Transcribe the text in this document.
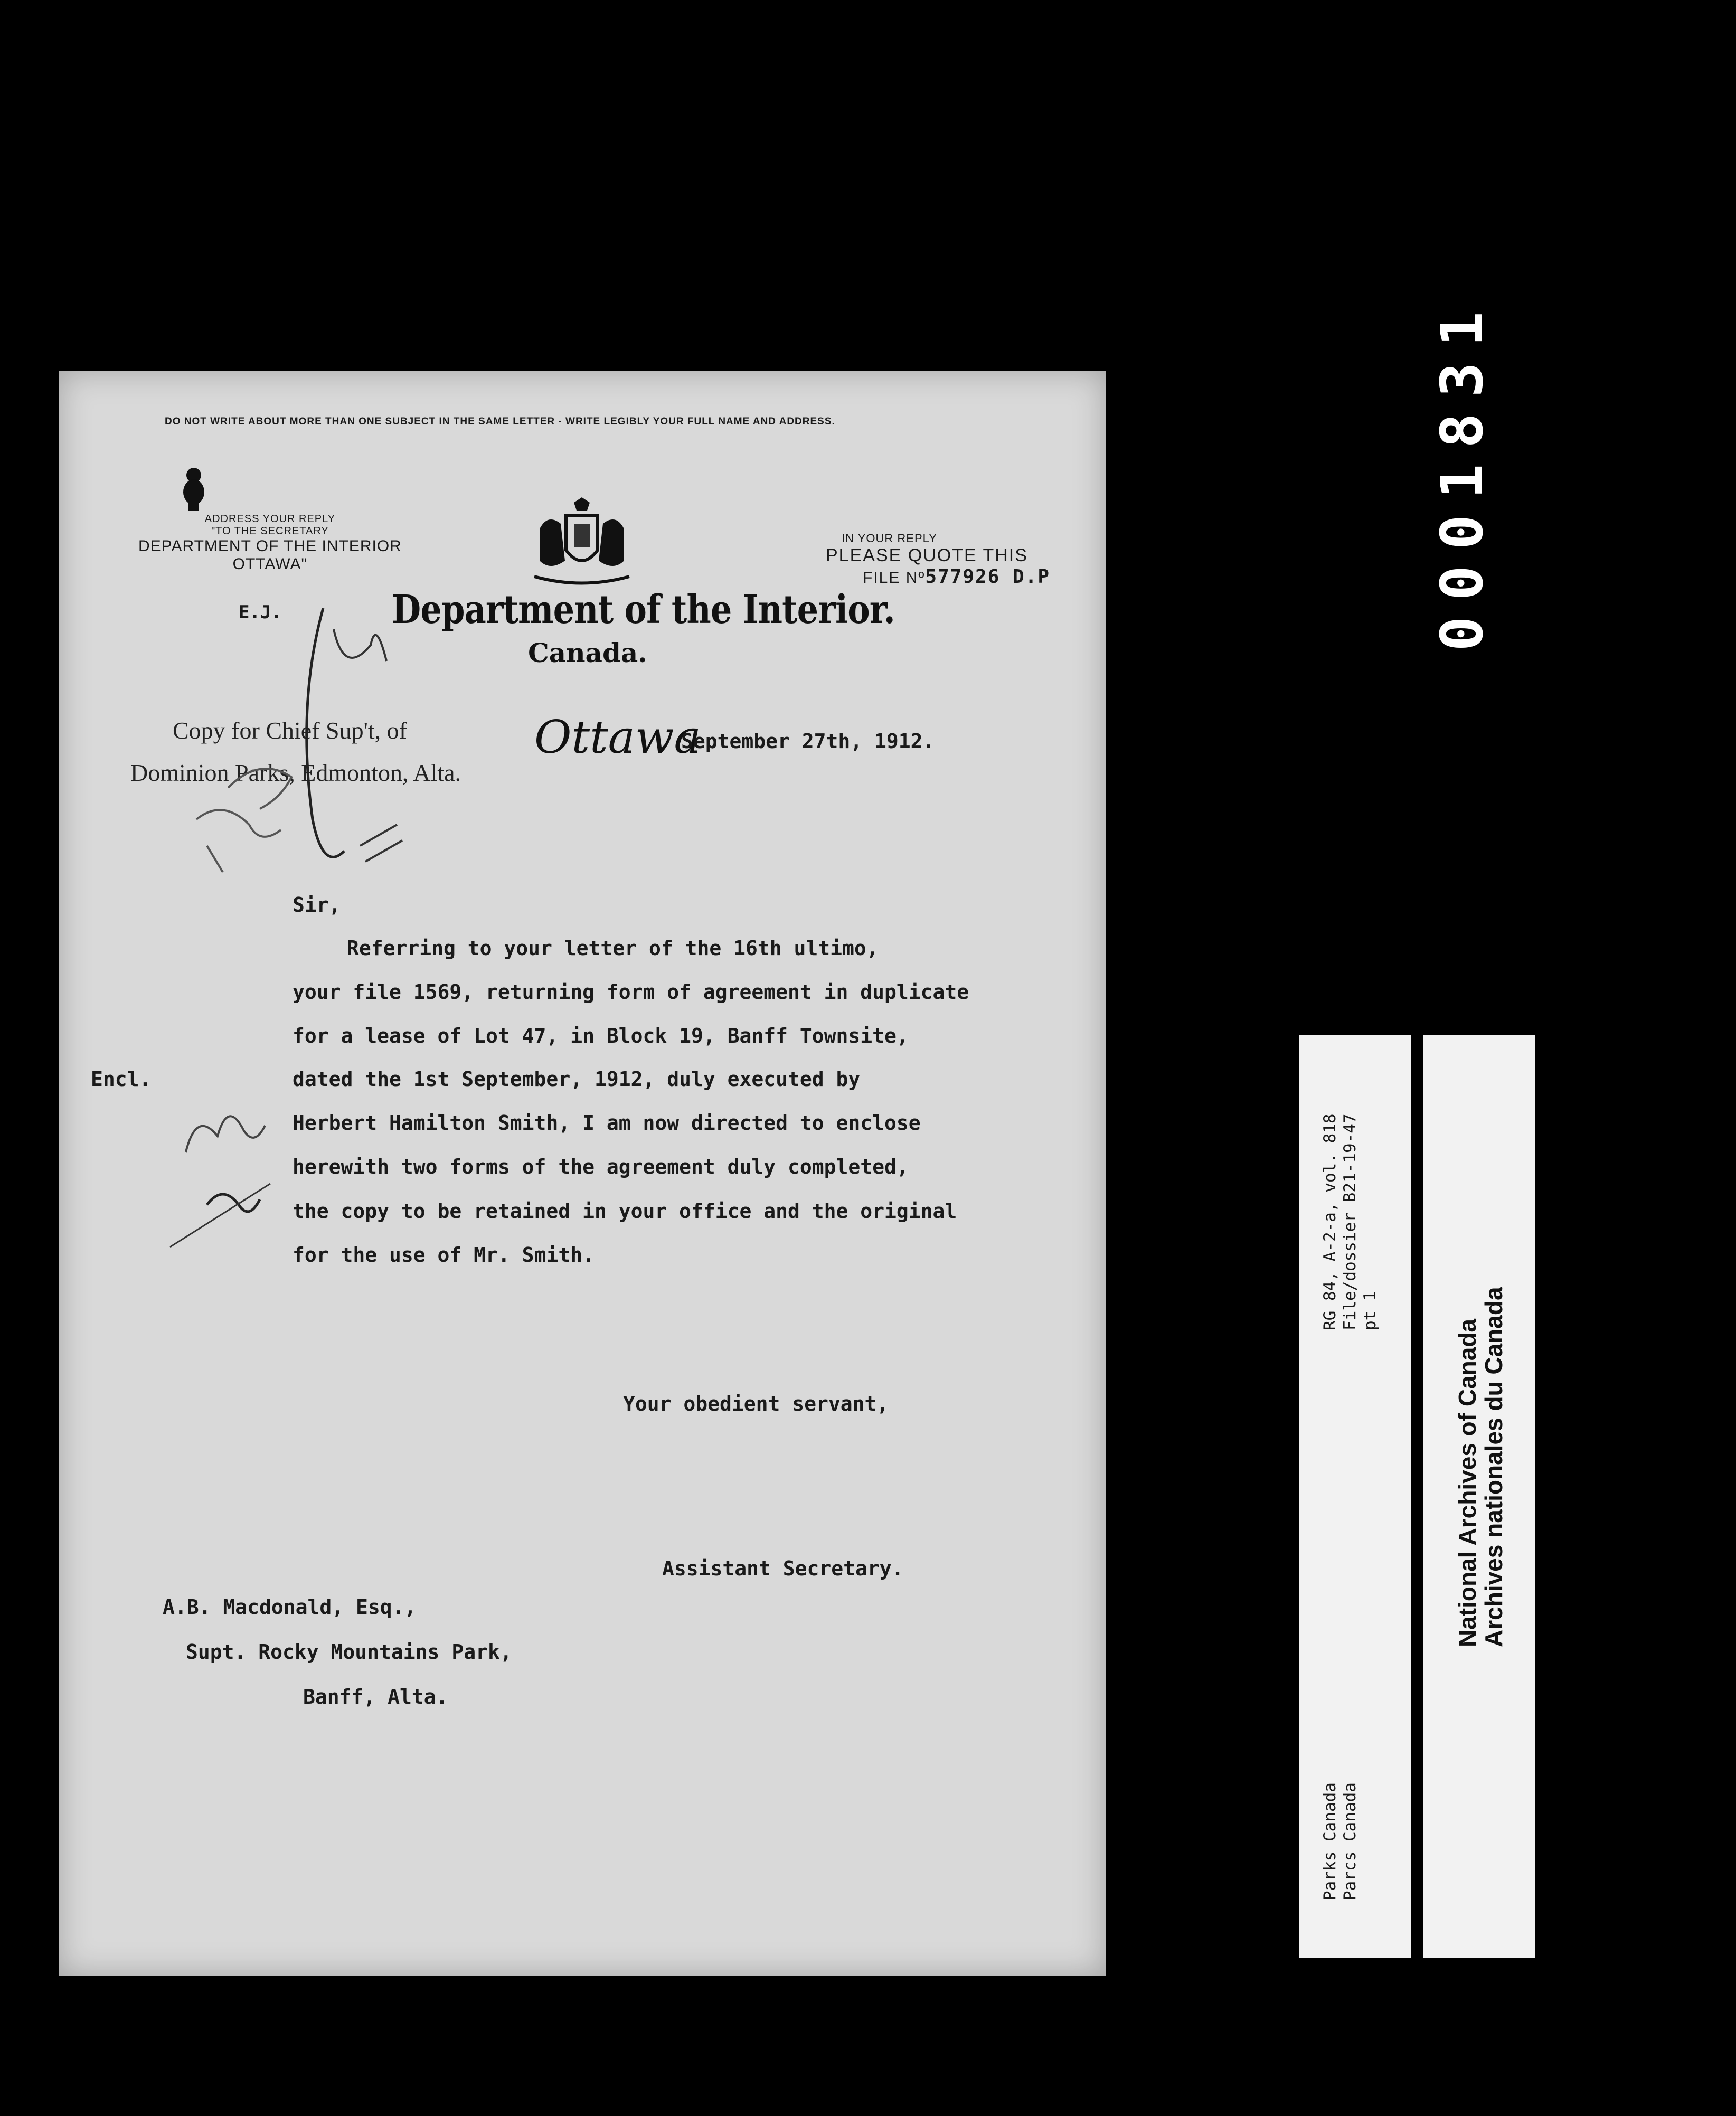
DO NOT WRITE ABOUT MORE THAN ONE SUBJECT IN THE SAME LETTER - WRITE LEGIBLY YOUR FULL NAME AND ADDRESS.
ADDRESS YOUR REPLY
"TO THE SECRETARY
DEPARTMENT OF THE INTERIOR
OTTAWA"
E.J.
IN YOUR REPLY
PLEASE QUOTE THIS
FILE Nº577926 D.P
Department of the Interior.
Canada.
Copy for Chief Sup't, of
Dominion Parks, Edmonton, Alta.
Ottawa
September 27th, 1912.
Sir,
Referring to your letter of the 16th ultimo,
your file 1569, returning form of agreement in duplicate
for a lease of Lot 47, in Block 19, Banff Townsite,
Encl.	dated the 1st September, 1912, duly executed by
Herbert Hamilton Smith, I am now directed to enclose
herewith two forms of the agreement duly completed,
the copy to be retained in your office and the original
for the use of Mr. Smith.
Your obedient servant,
Assistant Secretary.
A.B. Macdonald, Esq.,
Supt. Rocky Mountains Park,
Banff, Alta.
0001831
RG 84, A-2-a, vol. 818 File/dossier B21-19-47 pt 1
Parks Canada Parcs Canada
National Archives of Canada
Archives nationales du Canada
